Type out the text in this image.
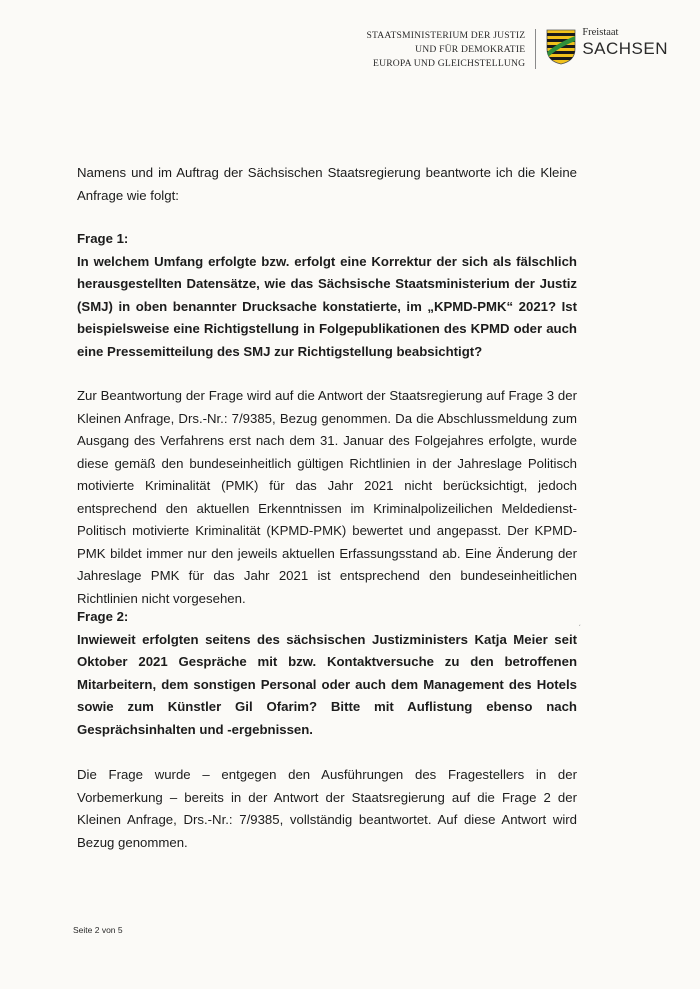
STAATSMINISTERIUM DER JUSTIZ
UND FÜR DEMOKRATIE
EUROPA UND GLEICHSTELLUNG
Freistaat
SACHSEN

Namens und im Auftrag der Sächsischen Staatsregierung beantworte ich die Kleine Anfrage wie folgt:

Frage 1:

In welchem Umfang erfolgte bzw. erfolgt eine Korrektur der sich als fälschlich herausgestellten Datensätze, wie das Sächsische Staatsministerium der Justiz (SMJ) in oben benannter Drucksache konstatierte, im „KPMD-PMK“ 2021? Ist beispielsweise eine Richtigstellung in Folgepublikationen des KPMD oder auch eine Pressemitteilung des SMJ zur Richtigstellung beabsichtigt?

Zur Beantwortung der Frage wird auf die Antwort der Staatsregierung auf Frage 3 der Kleinen Anfrage, Drs.-Nr.: 7/9385, Bezug genommen. Da die Abschlussmeldung zum Ausgang des Verfahrens erst nach dem 31. Januar des Folgejahres erfolgte, wurde diese gemäß den bundeseinheitlich gültigen Richtlinien in der Jahreslage Politisch motivierte Kriminalität (PMK) für das Jahr 2021 nicht berücksichtigt, jedoch entsprechend den aktuellen Erkenntnissen im Kriminalpolizeilichen Meldedienst-Politisch motivierte Kriminalität (KPMD-PMK) bewertet und angepasst. Der KPMD-PMK bildet immer nur den jeweils aktuellen Erfassungsstand ab. Eine Änderung der Jahreslage PMK für das Jahr 2021 ist entsprechend den bundeseinheitlichen Richtlinien nicht vorgesehen.

Frage 2:

Inwieweit erfolgten seitens des sächsischen Justizministers Katja Meier seit Oktober 2021 Gespräche mit bzw. Kontaktversuche zu den betroffenen Mitarbeitern, dem sonstigen Personal oder auch dem Management des Hotels sowie zum Künstler Gil Ofarim? Bitte mit Auflistung ebenso nach Gesprächsinhalten und -ergebnissen.

Die Frage wurde – entgegen den Ausführungen des Fragestellers in der Vorbemerkung – bereits in der Antwort der Staatsregierung auf die Frage 2 der Kleinen Anfrage, Drs.-Nr.: 7/9385, vollständig beantwortet. Auf diese Antwort wird Bezug genommen.

ˏ
Seite 2 von 5
